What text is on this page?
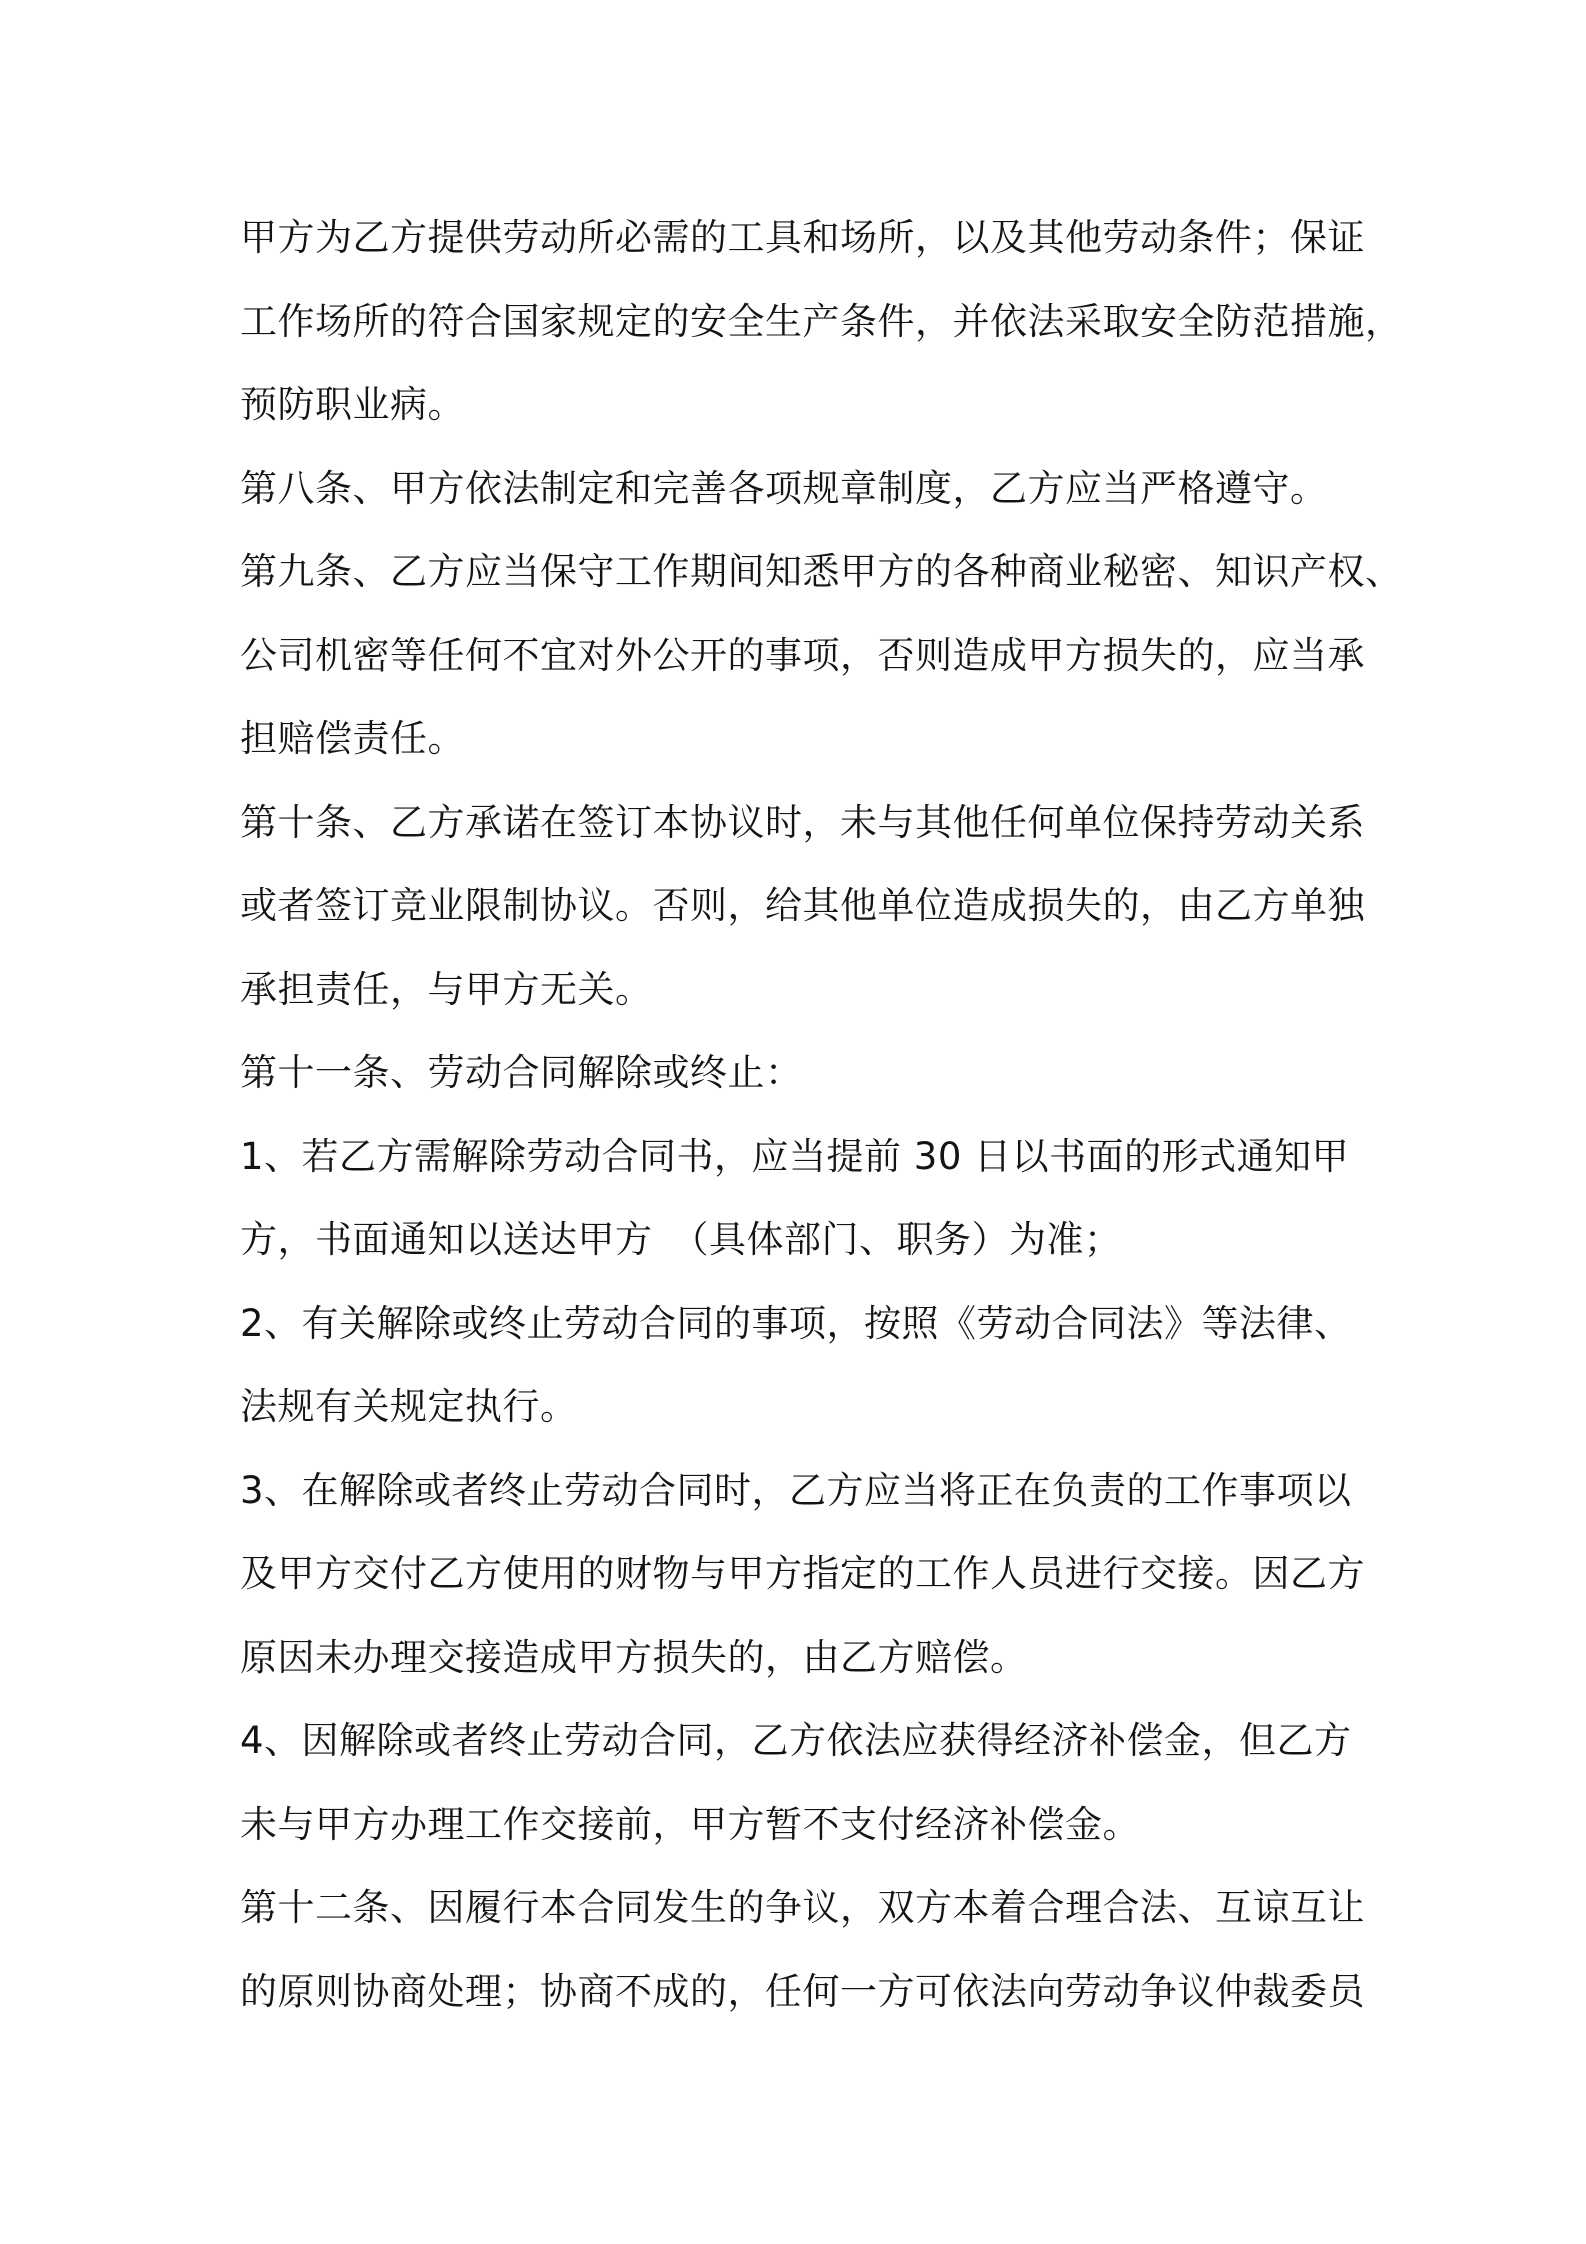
甲方为乙方提供劳动所必需的工具和场所，以及其他劳动条件；保证
工作场所的符合国家规定的安全生产条件，并依法采取安全防范措施，
预防职业病。
第八条、甲方依法制定和完善各项规章制度，乙方应当严格遵守。
第九条、乙方应当保守工作期间知悉甲方的各种商业秘密、知识产权、
公司机密等任何不宜对外公开的事项，否则造成甲方损失的，应当承
担赔偿责任。
第十条、乙方承诺在签订本协议时，未与其他任何单位保持劳动关系
或者签订竞业限制协议。否则，给其他单位造成损失的，由乙方单独
承担责任，与甲方无关。
第十一条、劳动合同解除或终止：
1、若乙方需解除劳动合同书，应当提前 30 日以书面的形式通知甲
方，书面通知以送达甲方　（具体部门、职务）为准；
2、有关解除或终止劳动合同的事项，按照《劳动合同法》等法律、
法规有关规定执行。
3、在解除或者终止劳动合同时，乙方应当将正在负责的工作事项以
及甲方交付乙方使用的财物与甲方指定的工作人员进行交接。因乙方
原因未办理交接造成甲方损失的，由乙方赔偿。
4、因解除或者终止劳动合同，乙方依法应获得经济补偿金，但乙方
未与甲方办理工作交接前，甲方暂不支付经济补偿金。
第十二条、因履行本合同发生的争议，双方本着合理合法、互谅互让
的原则协商处理；协商不成的，任何一方可依法向劳动争议仲裁委员
